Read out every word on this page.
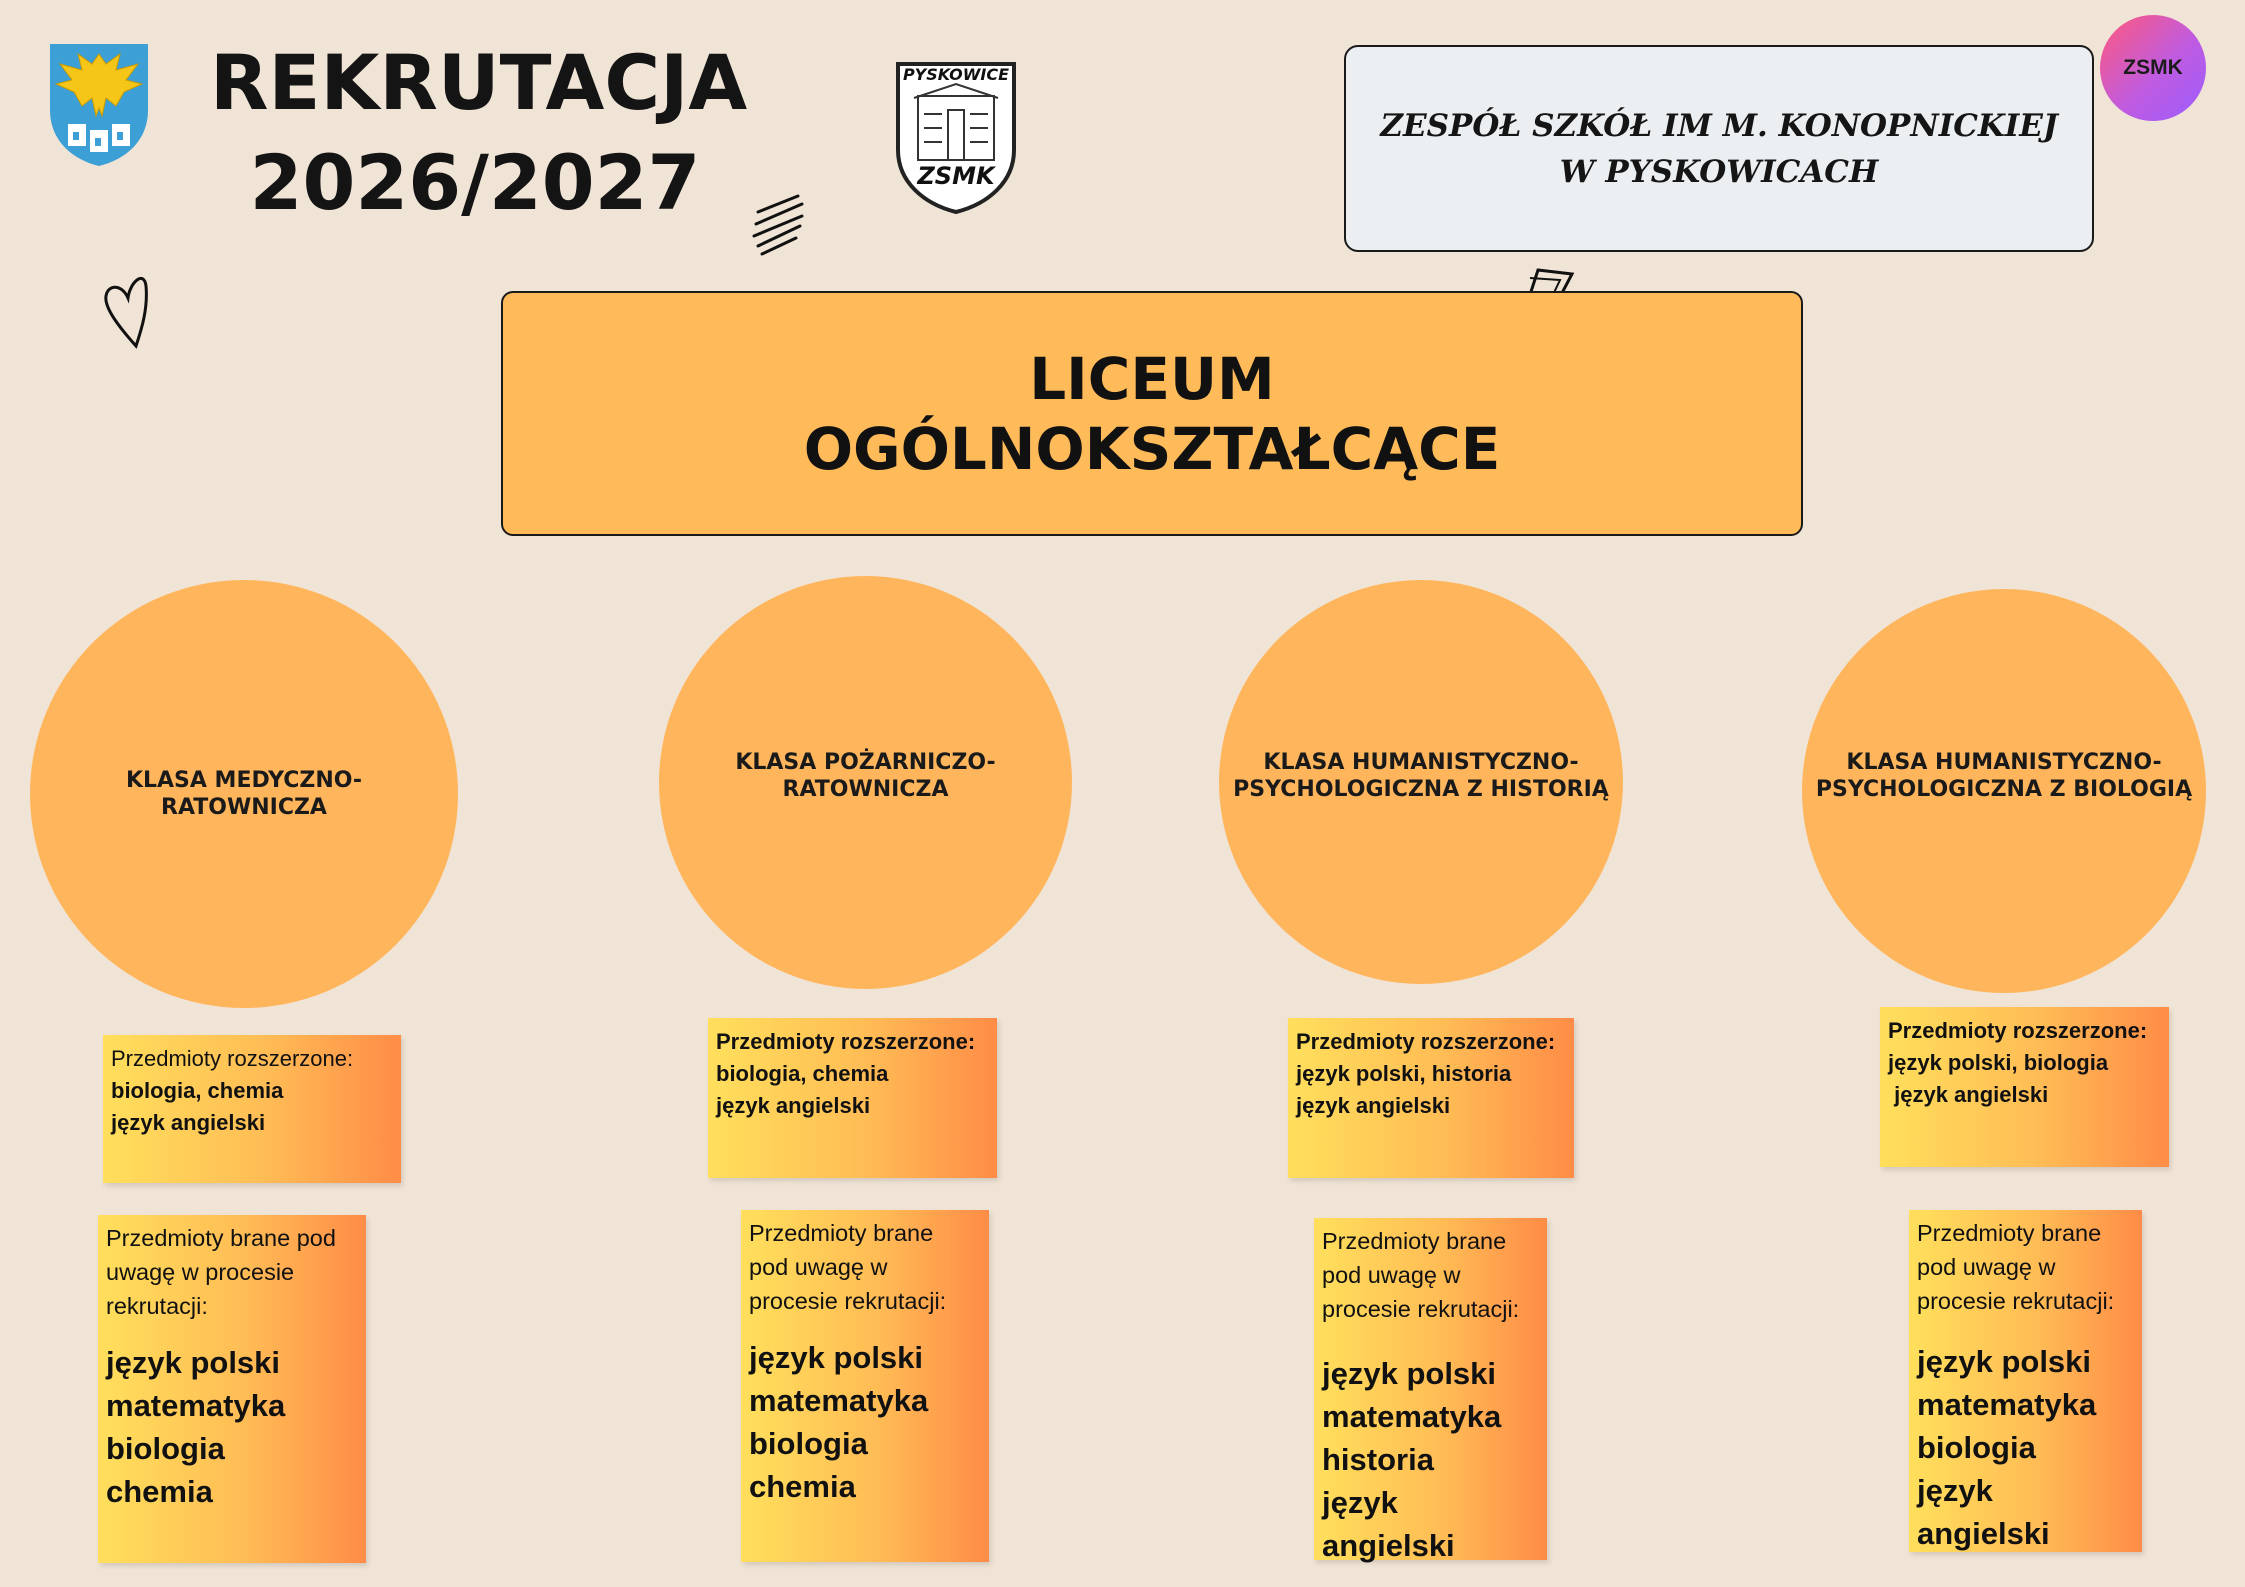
REKRUTACJA
2026/2027
PYSKOWICE
ZSMK
ZESPÓŁ SZKÓŁ IM M. KONOPNICKIEJ
W PYSKOWICACH
ZSMK
LICEUM
OGÓLNOKSZTAŁCĄCE
KLASA MEDYCZNO-
RATOWNICZA
KLASA POŻARNICZO-
RATOWNICZA
KLASA HUMANISTYCZNO-
PSYCHOLOGICZNA Z HISTORIĄ
KLASA HUMANISTYCZNO-
PSYCHOLOGICZNA Z BIOLOGIĄ
Przedmioty rozszerzone:
biologia, chemia
język angielski
Przedmioty rozszerzone:
biologia, chemia
język angielski
Przedmioty rozszerzone:
język polski, historia
język angielski
Przedmioty rozszerzone:
język polski, biologia
język angielski
Przedmioty brane pod
uwagę w procesie
rekrutacji:
język polski
matematyka
biologia
chemia
Przedmioty brane
pod uwagę w
procesie rekrutacji:
język polski
matematyka
biologia
chemia
Przedmioty brane
pod uwagę w
procesie rekrutacji:
język polski
matematyka
historia
język angielski
Przedmioty brane
pod uwagę w
procesie rekrutacji:
język polski
matematyka
biologia
język angielski
